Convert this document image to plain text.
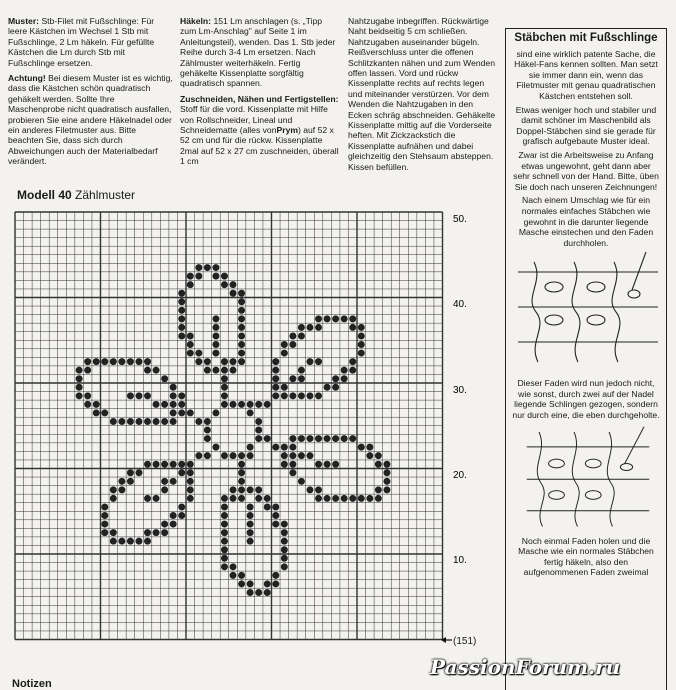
Muster: Stb-Filet mit Fußschlinge: Für leere Kästchen im Wechsel 1 Stb mit Fußschlinge, 2 Lm häkeln. Für gefüllte Kästchen die Lm durch Stb mit Fußschlinge ersetzen.

Achtung! Bei diesem Muster ist es wichtig, dass die Kästchen schön quadratisch gehäkelt werden. Sollte Ihre Maschenprobe nicht quadratisch ausfallen, probieren Sie eine andere Häkelnadel oder ein anderes Filetmuster aus. Bitte beachten Sie, dass sich durch Abweichungen auch der Materialbedarf verändert.

Häkeln: 151 Lm anschlagen (s. „Tipp zum Lm-Anschlag" auf Seite 1 im Anleitungsteil), wenden. Das 1. Stb jeder Reihe durch 3-4 Lm ersetzen. Nach Zählmuster weiterhäkeln. Fertig gehäkelte Kissenplatte sorgfältig quadratisch spannen.

Zuschneiden, Nähen und Fertigstellen: Stoff für die vord. Kissenplatte mit Hilfe von Rollschneider, Lineal und Schneidematte (alles vonPrym) auf 52 x 52 cm und für die rückw. Kissenplatte 2mal auf 52 x 27 cm zuschneiden, überall 1 cm

Nahtzugabe inbegriffen. Rückwärtige Naht beidseitig 5 cm schließen. Nahtzugaben auseinander bügeln. Reißverschluss unter die offenen Schlitzkanten nähen und zum Wenden offen lassen. Vord und rückw Kissenplatte rechts auf rechts legen und miteinander verstürzen. Vor dem Wenden die Nahtzugaben in den Ecken schräg abschneiden. Gehäkelte Kissenplatte mittig auf die Vorderseite heften. Mit Zickzackstich die Kissenplatte aufnähen und dabei gleichzeitig den Stehsaum absteppen. Kissen befüllen.

Stäbchen mit Fußschlinge

sind eine wirklich patente Sache, die Häkel-Fans kennen sollten. Man setzt sie immer dann ein, wenn das Filetmuster mit genau quadratischen Kästchen entstehen soll.

Etwas weniger hoch und stabiler und damit schöner im Maschenbild als Doppel-Stäbchen sind sie gerade für grafisch aufgebaute Muster ideal.

Zwar ist die Arbeitsweise zu Anfang etwas ungewohnt, geht dann aber sehr schnell von der Hand. Bitte, üben Sie doch nach unseren Zeichnungen!

Nach einem Umschlag wie für ein normales einfaches Stäbchen wie gewohnt in die darunter liegende Masche einstechen und den Faden durchholen.

Dieser Faden wird nun jedoch nicht, wie sonst, durch zwei auf der Nadel liegende Schlingen gezogen, sondern nur durch eine, die eben durchgeholte.

Noch einmal Faden holen und die Masche wie ein normales Stäbchen fertig häkeln, also den aufgenommenen Faden zweimal

Modell 40 Zählmuster
50.
40.
30.
20.
10.
(151)
Notizen
PassionForum.ru
